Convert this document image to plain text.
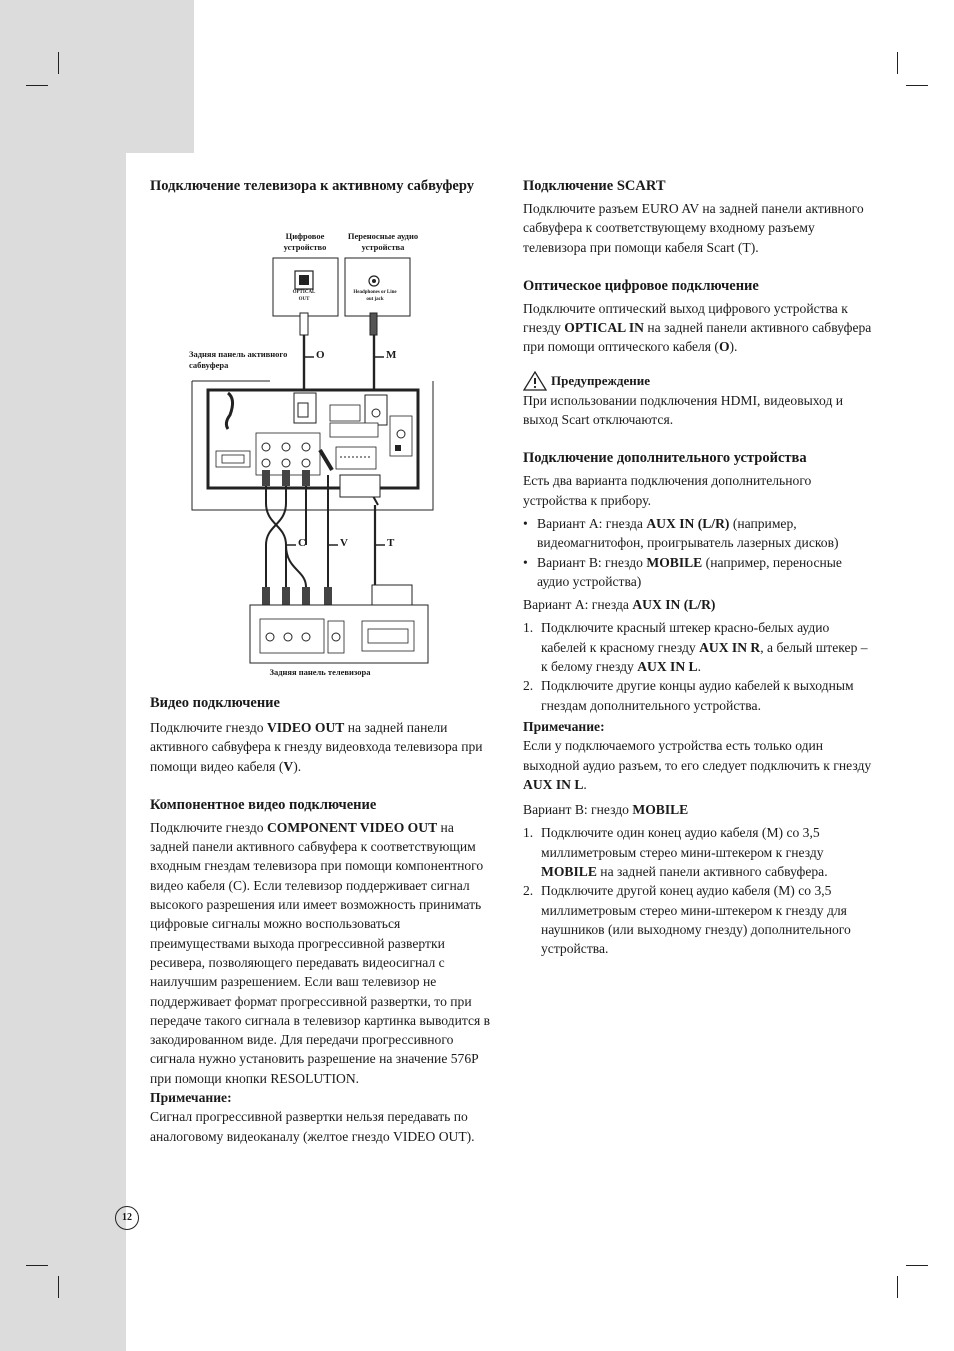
Подключение телевизора к активному сабвуферу
Цифровое устройство
Переносные аудио устройства
OPTICAL OUT
Headphones or Line out jack
Задняя панель активного сабвуфера
O	M
C	V	T
Задняя панель телевизора
Видео подключение

Подключите гнездо VIDEO OUT на задней панели активного сабвуфера к гнезду видеовхода телевизора при помощи видео кабеля (V).

Компонентное видео подключение

Подключите гнездо COMPONENT VIDEO OUT на задней панели активного сабвуфера к соответствующим входным гнездам телевизора при помощи компонентного видео кабеля (C). Если телевизор поддерживает сигнал высокого разрешения или имеет возможность принимать цифровые сигналы можно воспользоваться преимуществами выхода прогрессивной развертки ресивера, позволяющего передавать видеосигнал с наилучшим разрешением. Если ваш телевизор не поддерживает формат прогрессивной развертки, то при передаче такого сигнала в телевизор картинка выводится в закодированном виде. Для передачи прогрессивного сигнала нужно установить разрешение на значение 576P при помощи кнопки RESOLUTION.

Примечание:

Сигнал прогрессивной развертки нельзя передавать по аналоговому видеоканалу (желтое гнездо VIDEO OUT).

Подключение SCART

Подключите разъем EURO AV на задней панели активного сабвуфера к соответствующему входному разъему телевизора при помощи кабеля Scart (T).

Оптическое цифровое подключение

Подключите оптический выход цифрового устройства к гнезду OPTICAL IN на задней панели активного сабвуфера при помощи оптического кабеля (O).

Предупреждение

При использовании подключения HDMI, видеовыход и выход Scart отключаются.

Подключение дополнительного устройства

Есть два варианта подключения дополнительного устройства к прибору.

• Вариант A: гнезда AUX IN (L/R) (например, видеомагнитофон, проигрыватель лазерных дисков)
• Вариант B: гнездо MOBILE (например, переносные аудио устройства)

Вариант A: гнезда AUX IN (L/R)

1. Подключите красный штекер красно-белых аудио кабелей к красному гнезду AUX IN R, а белый штекер – к белому гнезду AUX IN L.
2. Подключите другие концы аудио кабелей к выходным гнездам дополнительного устройства.

Примечание:

Если у подключаемого устройства есть только один выходной аудио разъем, то его следует подключить к гнезду AUX IN L.

Вариант B: гнездо MOBILE

1. Подключите один конец аудио кабеля (M) со 3,5 миллиметровым стерео мини-штекером к гнезду MOBILE на задней панели активного сабвуфера.
2. Подключите другой конец аудио кабеля (M) со 3,5 миллиметровым стерео мини-штекером к гнезду для наушников (или выходному гнезду) дополнительного устройства.
12
